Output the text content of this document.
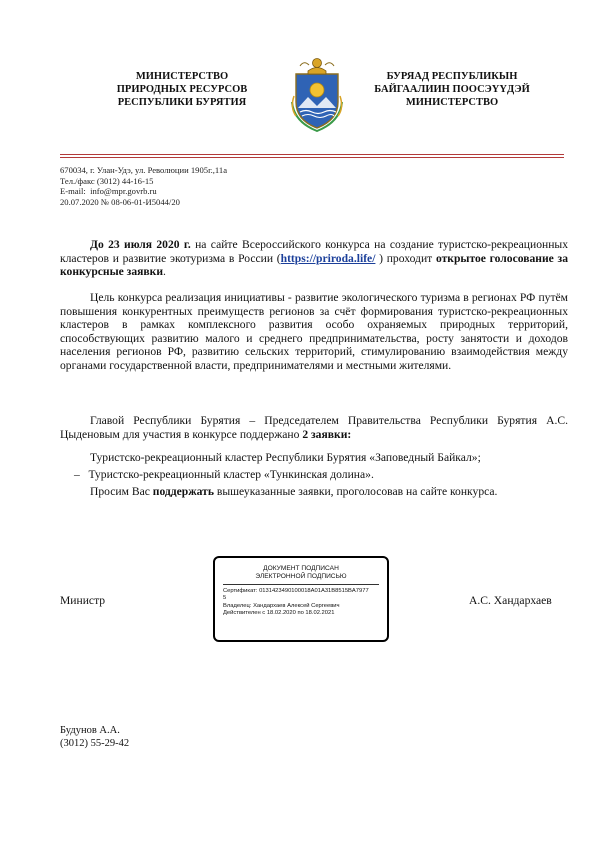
МИНИСТЕРСТВО
ПРИРОДНЫХ РЕСУРСОВ
РЕСПУБЛИКИ БУРЯТИЯ
БУРЯАД РЕСПУБЛИКЫН
БАЙГААЛИИН ПООСЭҮҮДЭЙ
МИНИСТЕРСТВО
670034, г. Улан-Удэ, ул. Революции 1905г.,11а
Тел./факс (3012) 44-16-15
E-mail: info@mpr.govrb.ru
20.07.2020 № 08-06-01-И5044/20
До 23 июля 2020 г. на сайте Всероссийского конкурса на создание туристско-рекреационных кластеров и развитие экотуризма в России (https://priroda.life/ ) проходит открытое голосование за конкурсные заявки.
Цель конкурса реализация инициативы - развитие экологического туризма в регионах РФ путём повышения конкурентных преимуществ регионов за счёт формирования туристско-рекреационных кластеров в рамках комплексного развития особо охраняемых природных территорий, способствующих развитию малого и среднего предпринимательства, росту занятости и доходов населения регионов РФ, развитию сельских территорий, стимулированию взаимодействия между органами государственной власти, предпринимателями и местными жителями.
Главой Республики Бурятия – Председателем Правительства Республики Бурятия А.С. Цыденовым для участия в конкурсе поддержано 2 заявки:
Туристско-рекреационный кластер Республики Бурятия «Заповедный Байкал»;
– Туристско-рекреационный кластер «Тункинская долина».
Просим Вас поддержать вышеуказанные заявки, проголосовав на сайте конкурса.
Министр
ДОКУМЕНТ ПОДПИСАН
ЭЛЕКТРОННОЙ ПОДПИСЬЮ
Сертификат: 0131423490100018A01A31B8515BA7977
5
Владелец: Хандархаев Алексей Сергеевич
Действителен с 18.02.2020 по 18.02.2021
А.С. Хандархаев
Будунов А.А.
(3012) 55-29-42
